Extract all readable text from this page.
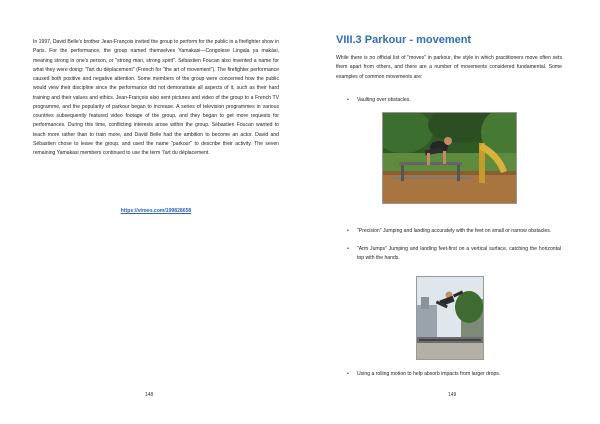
In 1997, David Belle's brother Jean-François invited the group to perform for the public in a firefighter show in Paris. For the performance, the group named themselves Yamakasi—Congolese Lingala ya makási, meaning strong in one's person, or "strong man, strong spirit". Sébastien Foucan also invented a name for what they were doing: "l'art du déplacement" (French for "the art of movement"). The firefighter performance caused both positive and negative attention. Some members of the group were concerned how the public would view their discipline since the performance did not demonstrate all aspects of it, such as their hard training and their values and ethics. Jean-François also sent pictures and video of the group to a French TV programme, and the popularity of parkour began to increase. A series of television programmes in various countries subsequently featured video footage of the group, and they began to get more requests for performances. During this time, conflicting interests arose within the group. Sébastien Foucan wanted to teach more rather than to train more, and David Belle had the ambition to become an actor. David and Sébastien chose to leave the group, and used the name "parkour" to describe their activity. The seven remaining Yamakasi members continued to use the term 'l'art du déplacement.
https://vimeo.com/199828658
148
VIII.3 Parkour - movement
While there is no official list of "moves" in parkour, the style in which practitioners move often sets them apart from others, and there are a number of movements considered fundamental. Some examples of common movements are:
• Vaulting over obstacles.
• "Precision" Jumping and landing accurately with the feet on small or narrow obstacles.
• "Arm Jumps" Jumping and landing feet-first on a vertical surface, catching the horizontal top with the hands.
• Using a rolling motion to help absorb impacts from larger drops.
149
